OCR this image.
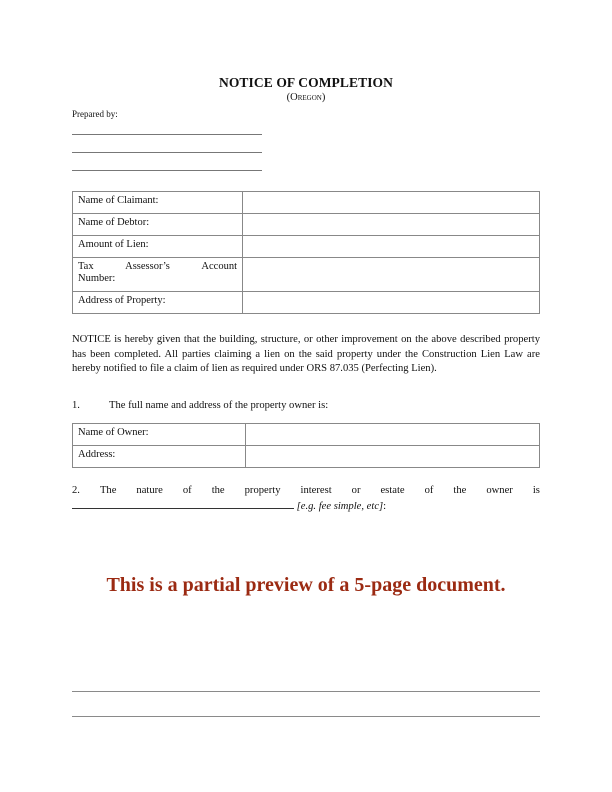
NOTICE OF COMPLETION
(Oregon)
Prepared by:
Name of Claimant:	
Name of Debtor:	
Amount of Lien:	

Tax Assessor’s Account
Number:	

Address of Property:	
NOTICE is hereby given that the building, structure, or other improvement on the above described property has been completed. All parties claiming a lien on the said property under the Construction Lien Law are hereby notified to file a claim of lien as required under ORS 87.035 (Perfecting Lien).
1.	The full name and address of the property owner is:
Name of Owner:	
Address:	
2. The nature of the property interest or estate of the owner is
[e.g. fee simple, etc]:
This is a partial preview of a 5-page document.
